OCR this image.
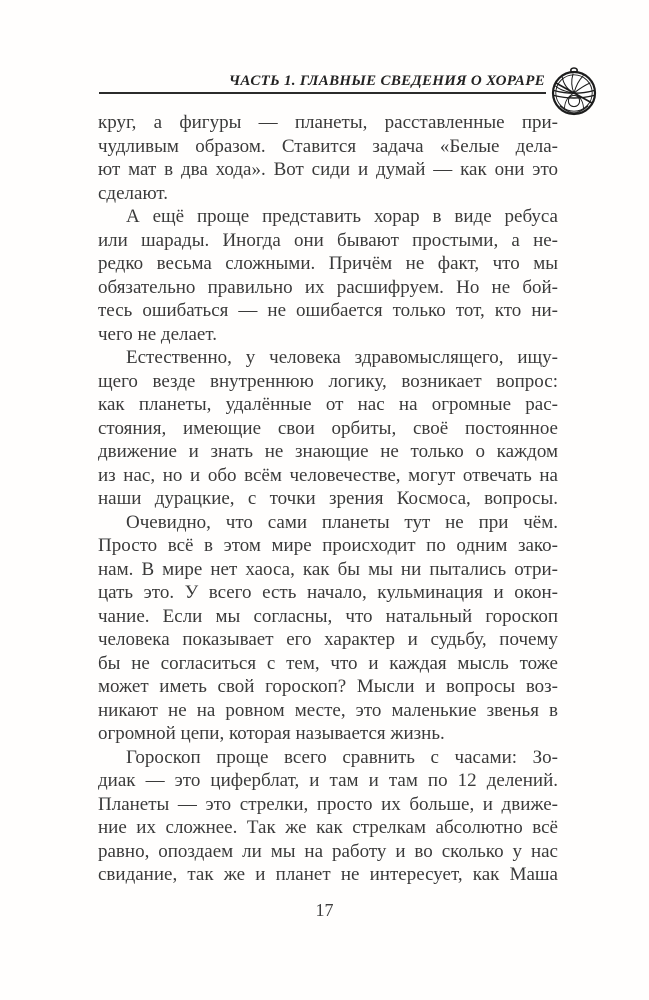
ЧАСТЬ 1. ГЛАВНЫЕ СВЕДЕНИЯ О ХОРАРЕ
круг, а фигуры — планеты, расставленные при-
чудливым образом. Ставится задача «Белые дела-
ют мат в два хода». Вот сиди и думай — как они это
сделают.
А ещё проще представить хорар в виде ребуса
или шарады. Иногда они бывают простыми, а не-
редко весьма сложными. Причём не факт, что мы
обязательно правильно их расшифруем. Но не бой-
тесь ошибаться — не ошибается только тот, кто ни-
чего не делает.
Естественно, у человека здравомыслящего, ищу-
щего везде внутреннюю логику, возникает вопрос:
как планеты, удалённые от нас на огромные рас-
стояния, имеющие свои орбиты, своё постоянное
движение и знать не знающие не только о каждом
из нас, но и обо всём человечестве, могут отвечать на
наши дурацкие, с точки зрения Космоса, вопросы.
Очевидно, что сами планеты тут не при чём.
Просто всё в этом мире происходит по одним зако-
нам. В мире нет хаоса, как бы мы ни пытались отри-
цать это. У всего есть начало, кульминация и окон-
чание. Если мы согласны, что натальный гороскоп
человека показывает его характер и судьбу, почему
бы не согласиться с тем, что и каждая мысль тоже
может иметь свой гороскоп? Мысли и вопросы воз-
никают не на ровном месте, это маленькие звенья в
огромной цепи, которая называется жизнь.
Гороскоп проще всего сравнить с часами: Зо-
диак — это циферблат, и там и там по 12 делений.
Планеты — это стрелки, просто их больше, и движе-
ние их сложнее. Так же как стрелкам абсолютно всё
равно, опоздаем ли мы на работу и во сколько у нас
свидание, так же и планет не интересует, как Маша
17
